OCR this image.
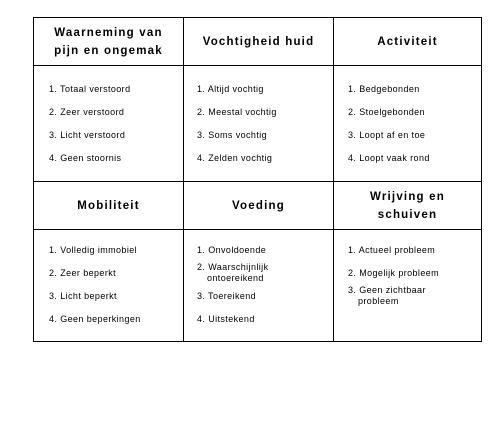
Waarneming van
pijn en ongemak
Vochtigheid huid	Activiteit
1. Totaal verstoord
2. Zeer verstoord
3. Licht verstoord
4. Geen stoornis
1. Altijd vochtig
2. Meestal vochtig
3. Soms vochtig
4. Zelden vochtig
1. Bedgebonden
2. Stoelgebonden
3. Loopt af en toe
4. Loopt vaak rond
Mobiliteit	Voeding
Wrijving en
schuiven
1. Volledig immobiel
2. Zeer beperkt
3. Licht beperkt
4. Geen beperkingen
1. Onvoldoende
2. Waarschijnlijk
ontoereikend
3. Toereikend
4. Uitstekend
1. Actueel probleem
2. Mogelijk probleem
3. Geen zichtbaar
probleem
